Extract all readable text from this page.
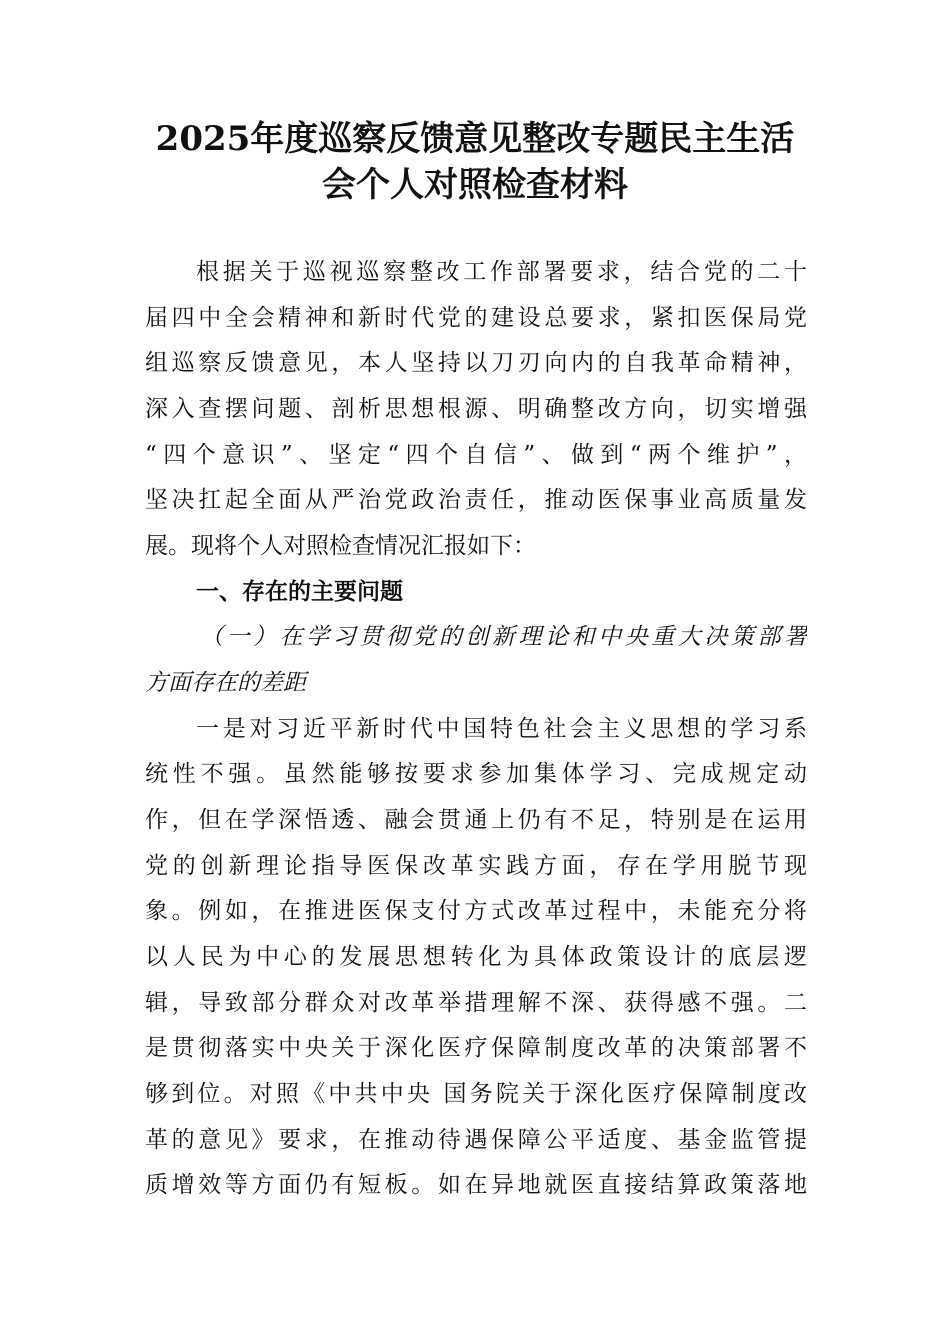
2025年度巡察反馈意见整改专题民主生活
会个人对照检查材料
根据关于巡视巡察整改工作部署要求，结合党的二十
届四中全会精神和新时代党的建设总要求，紧扣医保局党
组巡察反馈意见，本人坚持以刀刃向内的自我革命精神，
深入查摆问题、剖析思想根源、明确整改方向，切实增强
“四个意识”、坚定“四个自信”、做到“两个维护”，
坚决扛起全面从严治党政治责任，推动医保事业高质量发
展。现将个人对照检查情况汇报如下：
一、存在的主要问题
（一）在学习贯彻党的创新理论和中央重大决策部署
方面存在的差距
一是对习近平新时代中国特色社会主义思想的学习系
统性不强。虽然能够按要求参加集体学习、完成规定动
作，但在学深悟透、融会贯通上仍有不足，特别是在运用
党的创新理论指导医保改革实践方面，存在学用脱节现
象。例如，在推进医保支付方式改革过程中，未能充分将
以人民为中心的发展思想转化为具体政策设计的底层逻
辑，导致部分群众对改革举措理解不深、获得感不强。二
是贯彻落实中央关于深化医疗保障制度改革的决策部署不
够到位。对照《中共中央 国务院关于深化医疗保障制度改
革的意见》要求，在推动待遇保障公平适度、基金监管提
质增效等方面仍有短板。如在异地就医直接结算政策落地
